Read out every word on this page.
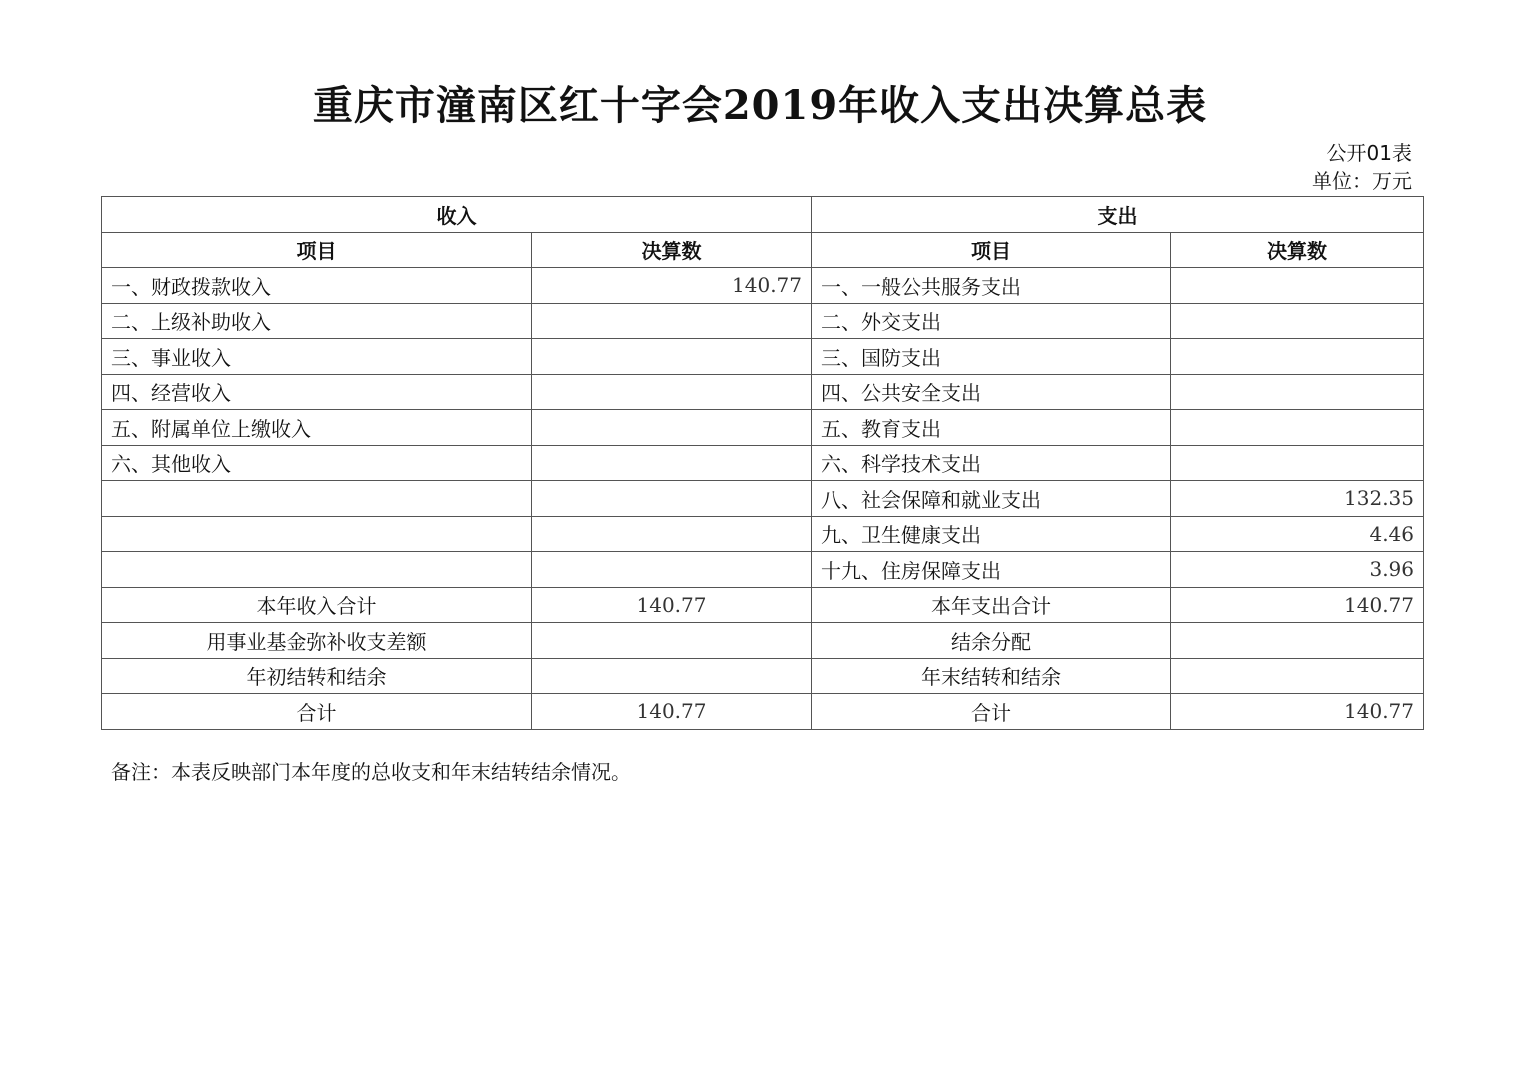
重庆市潼南区红十字会2019年收入支出决算总表
公开01表
单位：万元
收入		支出	
项目	决算数	项目	决算数
一、财政拨款收入	140.77	一、一般公共服务支出	
二、上级补助收入		二、外交支出	
三、事业收入		三、国防支出	
四、经营收入		四、公共安全支出	
五、附属单位上缴收入		五、教育支出	
六、其他收入		六、科学技术支出	
		八、社会保障和就业支出	132.35
		九、卫生健康支出	4.46
		十九、住房保障支出	3.96
本年收入合计	140.77	本年支出合计	140.77
用事业基金弥补收支差额		结余分配	
年初结转和结余		年末结转和结余	
合计	140.77	合计	140.77
备注：本表反映部门本年度的总收支和年末结转结余情况。
